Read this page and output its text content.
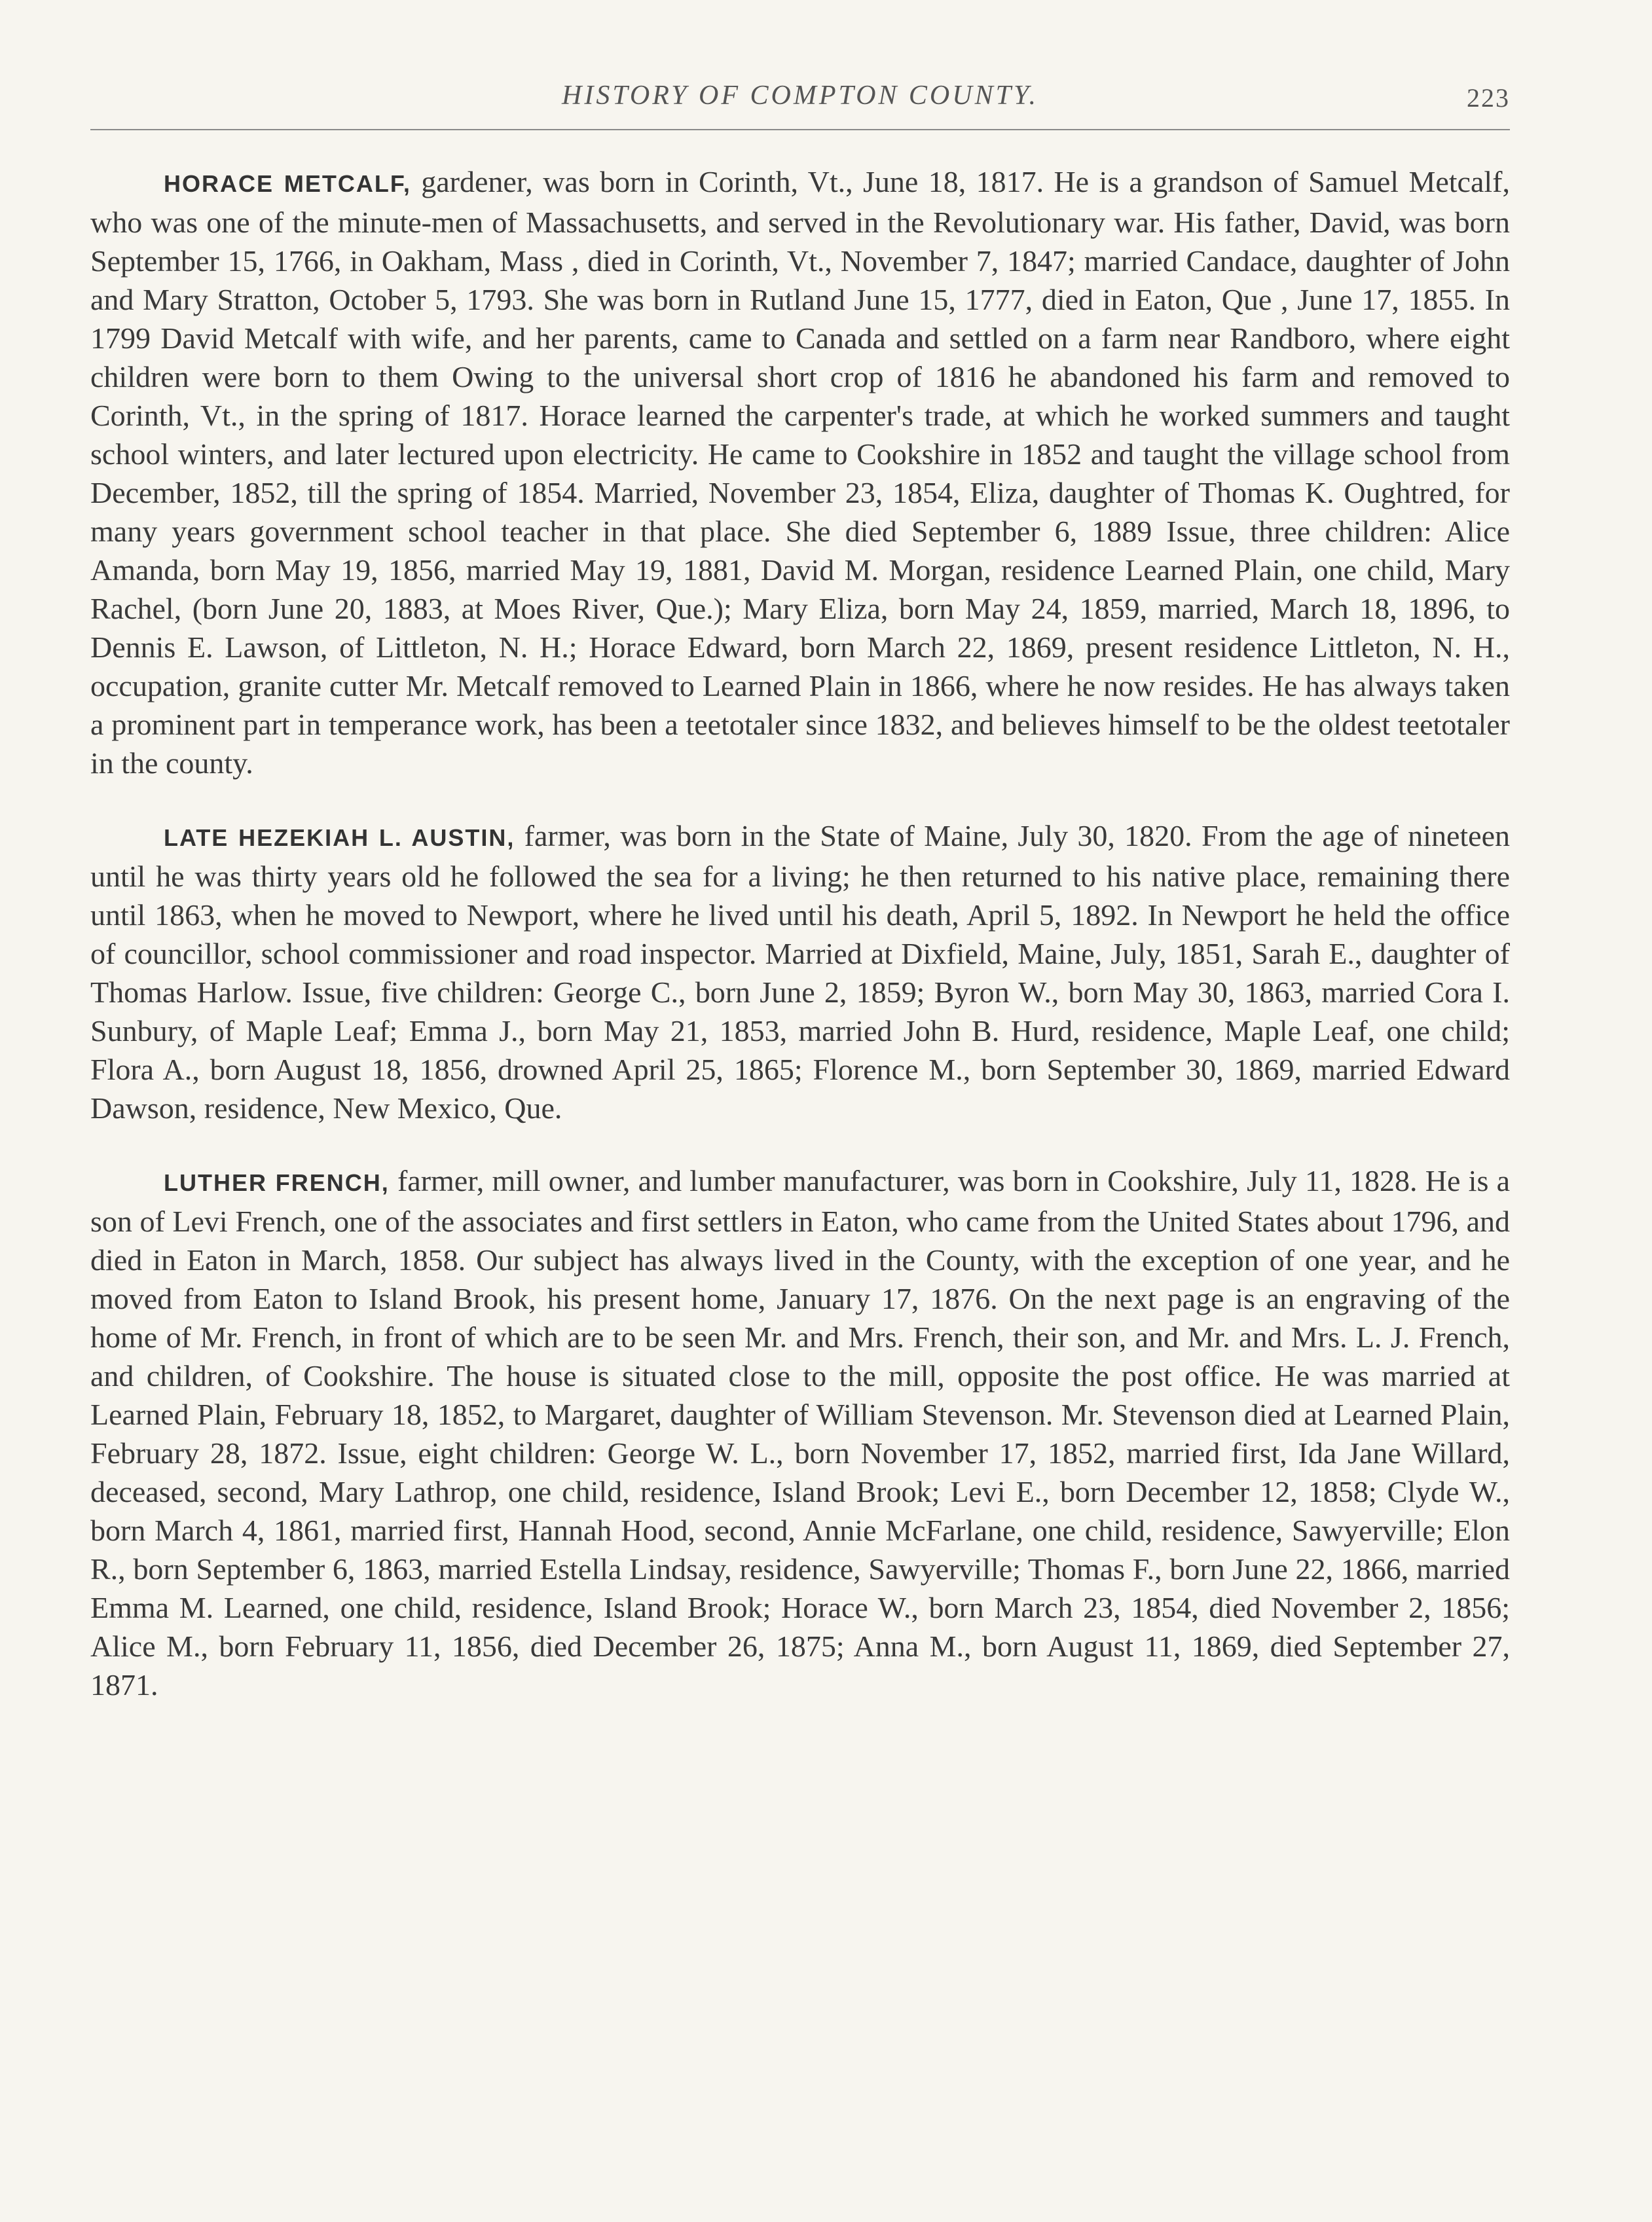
HISTORY OF COMPTON COUNTY.	223

HORACE METCALF, gardener, was born in Corinth, Vt., June 18, 1817. He is a grandson of Samuel Metcalf, who was one of the minute-men of Massachusetts, and served in the Revolutionary war. His father, David, was born September 15, 1766, in Oakham, Mass , died in Corinth, Vt., November 7, 1847; married Candace, daughter of John and Mary Stratton, October 5, 1793. She was born in Rutland June 15, 1777, died in Eaton, Que , June 17, 1855. In 1799 David Metcalf with wife, and her parents, came to Canada and settled on a farm near Randboro, where eight children were born to them Owing to the universal short crop of 1816 he abandoned his farm and removed to Corinth, Vt., in the spring of 1817. Horace learned the carpenter's trade, at which he worked summers and taught school winters, and later lectured upon electricity. He came to Cookshire in 1852 and taught the village school from December, 1852, till the spring of 1854. Married, November 23, 1854, Eliza, daughter of Thomas K. Oughtred, for many years government school teacher in that place. She died September 6, 1889 Issue, three children: Alice Amanda, born May 19, 1856, married May 19, 1881, David M. Morgan, residence Learned Plain, one child, Mary Rachel, (born June 20, 1883, at Moes River, Que.); Mary Eliza, born May 24, 1859, married, March 18, 1896, to Dennis E. Lawson, of Littleton, N. H.; Horace Edward, born March 22, 1869, present residence Littleton, N. H., occupation, granite cutter Mr. Metcalf removed to Learned Plain in 1866, where he now resides. He has always taken a prominent part in temperance work, has been a teetotaler since 1832, and believes himself to be the oldest teetotaler in the county.

LATE HEZEKIAH L. AUSTIN, farmer, was born in the State of Maine, July 30, 1820. From the age of nineteen until he was thirty years old he followed the sea for a living; he then returned to his native place, remaining there until 1863, when he moved to Newport, where he lived until his death, April 5, 1892. In Newport he held the office of councillor, school commissioner and road inspector. Married at Dixfield, Maine, July, 1851, Sarah E., daughter of Thomas Harlow. Issue, five children: George C., born June 2, 1859; Byron W., born May 30, 1863, married Cora I. Sunbury, of Maple Leaf; Emma J., born May 21, 1853, married John B. Hurd, residence, Maple Leaf, one child; Flora A., born August 18, 1856, drowned April 25, 1865; Florence M., born September 30, 1869, married Edward Dawson, residence, New Mexico, Que.

LUTHER FRENCH, farmer, mill owner, and lumber manufacturer, was born in Cookshire, July 11, 1828. He is a son of Levi French, one of the associates and first settlers in Eaton, who came from the United States about 1796, and died in Eaton in March, 1858. Our subject has always lived in the County, with the exception of one year, and he moved from Eaton to Island Brook, his present home, January 17, 1876. On the next page is an engraving of the home of Mr. French, in front of which are to be seen Mr. and Mrs. French, their son, and Mr. and Mrs. L. J. French, and children, of Cookshire. The house is situated close to the mill, opposite the post office. He was married at Learned Plain, February 18, 1852, to Margaret, daughter of William Stevenson. Mr. Stevenson died at Learned Plain, February 28, 1872. Issue, eight children: George W. L., born November 17, 1852, married first, Ida Jane Willard, deceased, second, Mary Lathrop, one child, residence, Island Brook; Levi E., born December 12, 1858; Clyde W., born March 4, 1861, married first, Hannah Hood, second, Annie McFarlane, one child, residence, Sawyerville; Elon R., born September 6, 1863, married Estella Lindsay, residence, Sawyerville; Thomas F., born June 22, 1866, married Emma M. Learned, one child, residence, Island Brook; Horace W., born March 23, 1854, died November 2, 1856; Alice M., born February 11, 1856, died December 26, 1875; Anna M., born August 11, 1869, died September 27, 1871.
